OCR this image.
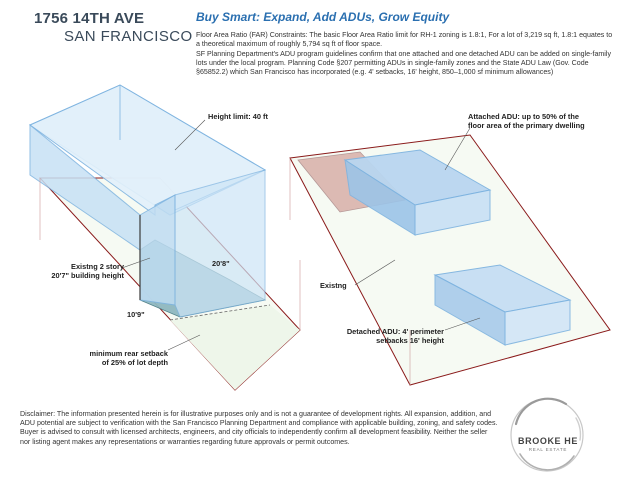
1756 14TH AVE
SAN FRANCISCO
Buy Smart: Expand, Add ADUs, Grow Equity

Floor Area Ratio (FAR) Constraints: The basic Floor Area Ratio limit for RH-1 zoning is 1.8:1, For a lot of 3,219 sq ft, 1.8:1 equates to a theoretical maximum of roughly 5,794 sq ft of floor space.

SF Planning Department's ADU program guidelines confirm that one attached and one detached ADU can be added on single-family lots under the local program. Planning Code §207 permitting ADUs in single-family zones and the State ADU Law (Gov. Code §65852.2) which San Francisco has incorporated (e.g. 4' setbacks, 16' height, 850–1,000 sf minimum allowances)

Height limit: 40 ft
Existng 2 story
20'7" building height
20'8"
10'9"
minimum rear setback
of 25% of lot depth
Attached ADU: up to 50% of the
floor area of the primary dwelling
Existng
Detached ADU: 4' perimeter
setbacks 16' height
Disclaimer: The information presented herein is for illustrative purposes only and is not a guarantee of development rights. All expansion, addition, and ADU potential are subject to verification with the San Francisco Planning Department and compliance with applicable building, zoning, and safety codes. Buyer is advised to consult with licensed architects, engineers, and city officials to independently confirm all development feasibility. Neither the seller nor listing agent makes any representations or warranties regarding future approvals or permit outcomes.	BROOKE HE
REAL ESTATE
